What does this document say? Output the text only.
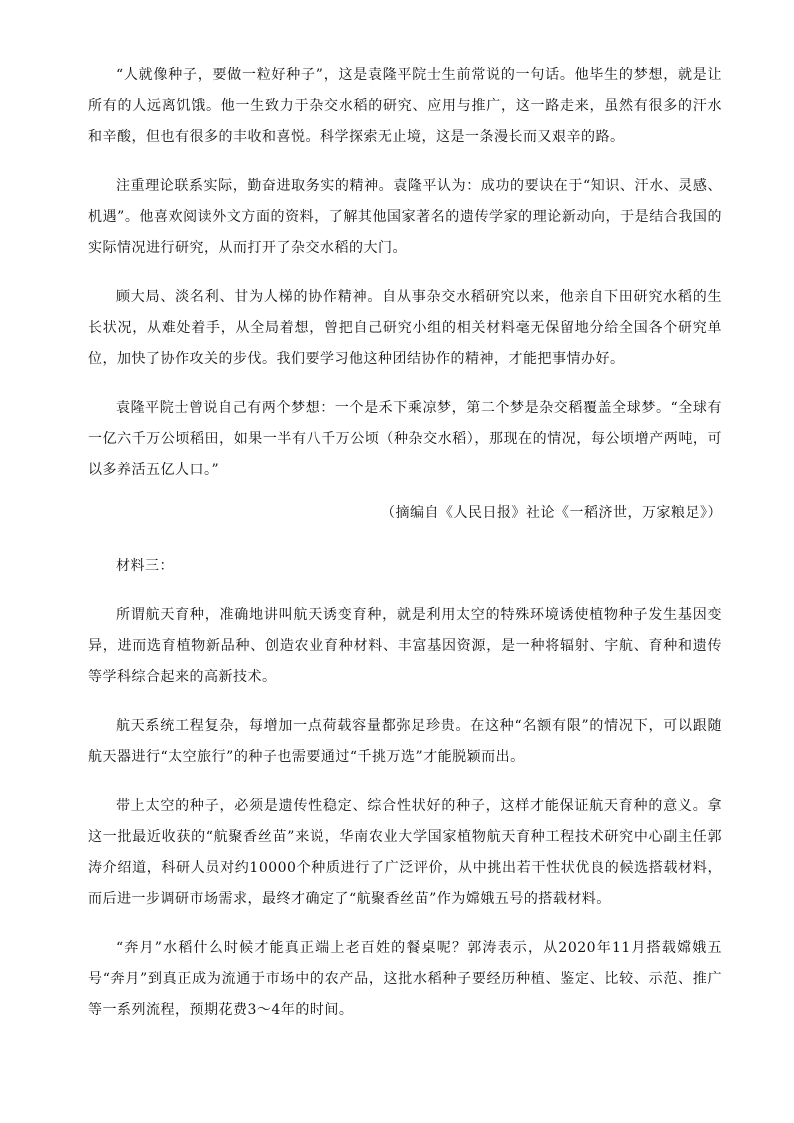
“人就像种子，要做一粒好种子”，这是袁隆平院士生前常说的一句话。他毕生的梦想，就是让所有的人远离饥饿。他一生致力于杂交水稻的研究、应用与推广，这一路走来，虽然有很多的汗水和辛酸，但也有很多的丰收和喜悦。科学探索无止境，这是一条漫长而又艰辛的路。

注重理论联系实际，勤奋进取务实的精神。袁隆平认为：成功的要诀在于“知识、汗水、灵感、机遇”。他喜欢阅读外文方面的资料，了解其他国家著名的遗传学家的理论新动向，于是结合我国的实际情况进行研究，从而打开了杂交水稻的大门。

顾大局、淡名利、甘为人梯的协作精神。自从事杂交水稻研究以来，他亲自下田研究水稻的生长状况，从难处着手，从全局着想，曾把自己研究小组的相关材料毫无保留地分给全国各个研究单位，加快了协作攻关的步伐。我们要学习他这种团结协作的精神，才能把事情办好。

袁隆平院士曾说自己有两个梦想：一个是禾下乘凉梦，第二个梦是杂交稻覆盖全球梦。“全球有一亿六千万公顷稻田，如果一半有八千万公顷（种杂交水稻），那现在的情况，每公顷增产两吨，可以多养活五亿人口。”

（摘编自《人民日报》社论《一稻济世，万家粮足》）

材料三：

所谓航天育种，准确地讲叫航天诱变育种，就是利用太空的特殊环境诱使植物种子发生基因变异，进而选育植物新品种、创造农业育种材料、丰富基因资源，是一种将辐射、宇航、育种和遗传等学科综合起来的高新技术。

航天系统工程复杂，每增加一点荷载容量都弥足珍贵。在这种“名额有限”的情况下，可以跟随航天器进行“太空旅行”的种子也需要通过“千挑万选”才能脱颖而出。

带上太空的种子，必须是遗传性稳定、综合性状好的种子，这样才能保证航天育种的意义。拿这一批最近收获的“航聚香丝苗”来说，华南农业大学国家植物航天育种工程技术研究中心副主任郭涛介绍道，科研人员对约10000个种质进行了广泛评价，从中挑出若干性状优良的候选搭载材料，而后进一步调研市场需求，最终才确定了“航聚香丝苗”作为嫦娥五号的搭载材料。

“奔月”水稻什么时候才能真正端上老百姓的餐桌呢？郭涛表示，从2020年11月搭载嫦娥五号“奔月”到真正成为流通于市场中的农产品，这批水稻种子要经历种植、鉴定、比较、示范、推广等一系列流程，预期花费3～4年的时间。
